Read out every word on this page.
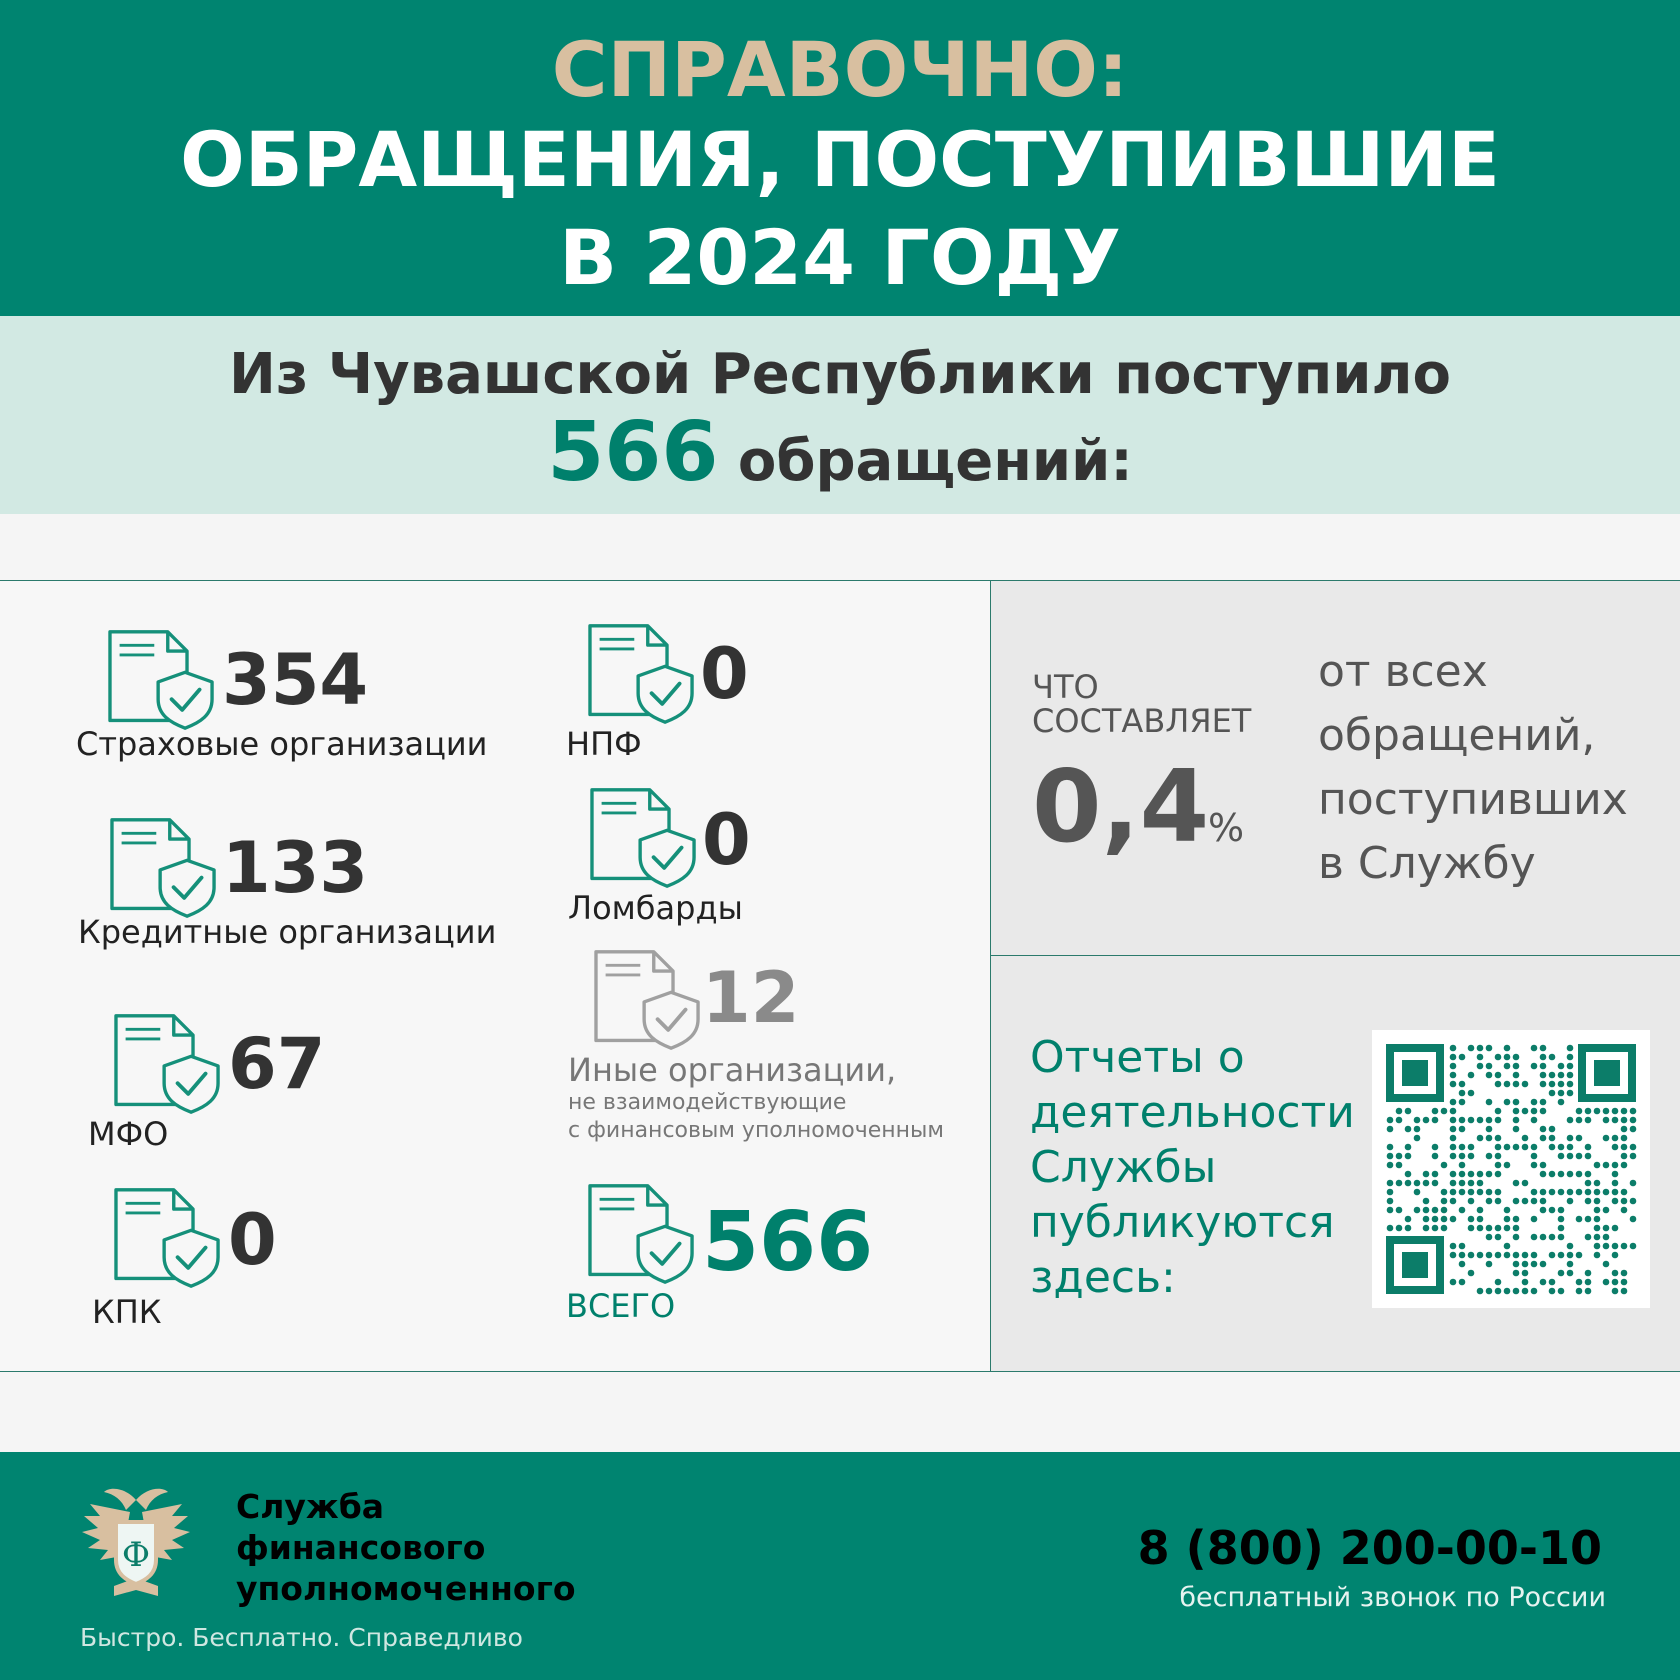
СПРАВОЧНО:
ОБРАЩЕНИЯ, ПОСТУПИВШИЕ
В 2024 ГОДУ
Из Чувашской Республики поступило
566 обращений:
354
Страховые организации
133
Кредитные организации
67
МФО
0
КПК
0
НПФ
0
Ломбарды
12
Иные организации,
не взаимодействующие
с финансовым уполномоченным
566
ВСЕГО
ЧТО
СОСТАВЛЯЕТ
0,4
%
от всех
обращений,
поступивших
в Службу
Отчеты о
деятельности
Службы
публикуются
здесь:
Ф
Служба
финансового
уполномоченного
Быстро. Бесплатно. Справедливо
8 (800) 200-00-10
бесплатный звонок по России
